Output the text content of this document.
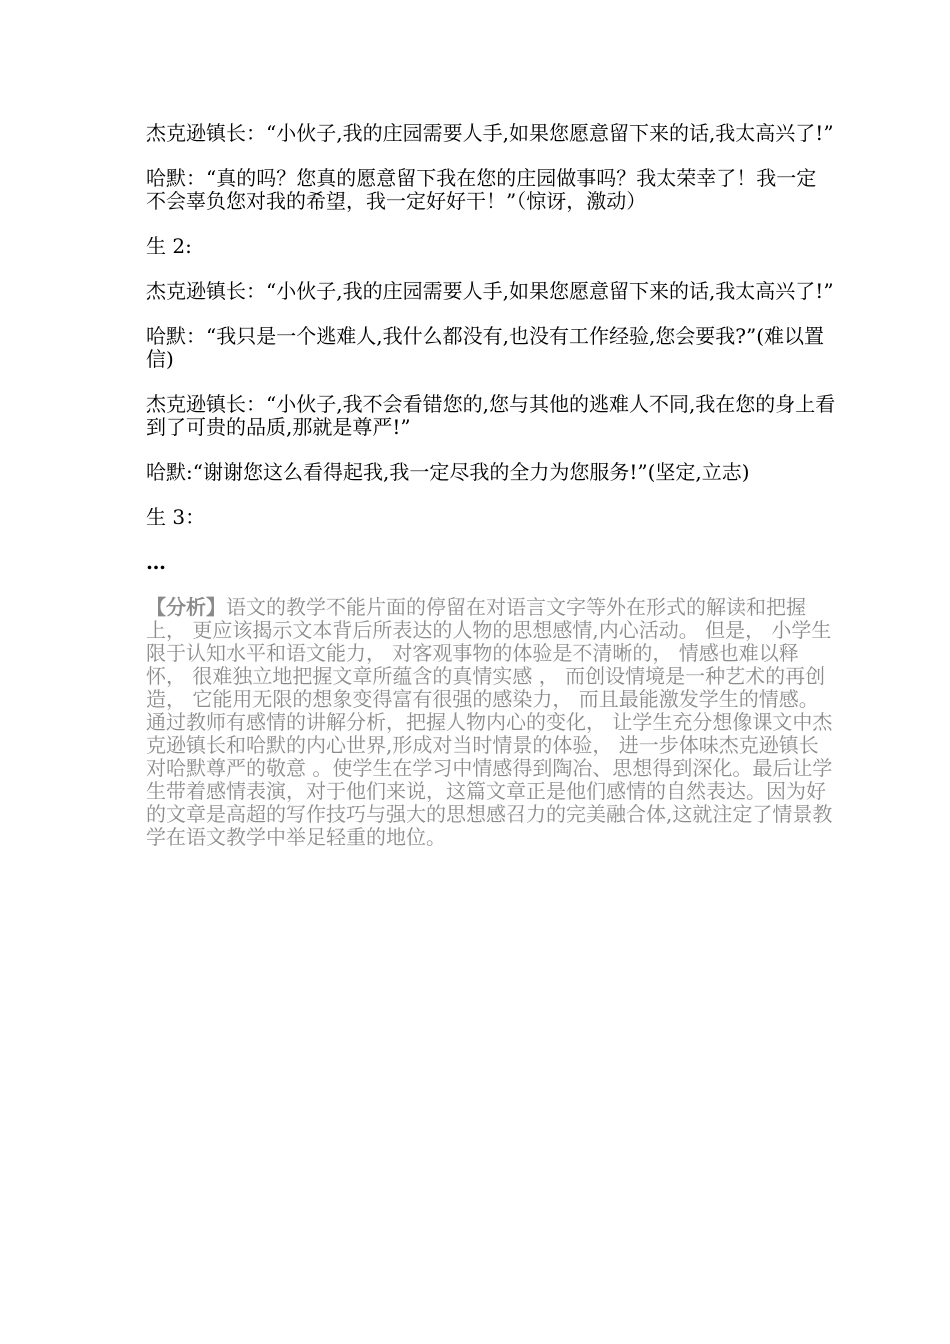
杰克逊镇长：“小伙子,我的庄园需要人手,如果您愿意留下来的话,我太高兴了!”

哈默：“真的吗？您真的愿意留下我在您的庄园做事吗？我太荣幸了！我一定不会辜负您对我的希望，我一定好好干！”（惊讶，激动）

生 2:

杰克逊镇长：“小伙子,我的庄园需要人手,如果您愿意留下来的话,我太高兴了!”

哈默：“我只是一个逃难人,我什么都没有,也没有工作经验,您会要我?”(难以置信)

杰克逊镇长：“小伙子,我不会看错您的,您与其他的逃难人不同,我在您的身上看到了可贵的品质,那就是尊严!”

哈默:“谢谢您这么看得起我,我一定尽我的全力为您服务!”(坚定,立志)

生 3：

…

【分析】语文的教学不能片面的停留在对语言文字等外在形式的解读和把握上， 更应该揭示文本背后所表达的人物的思想感情,内心活动。 但是， 小学生限于认知水平和语文能力， 对客观事物的体验是不清晰的， 情感也难以释怀， 很难独立地把握文章所蕴含的真情实感 ， 而创设情境是一种艺术的再创造， 它能用无限的想象变得富有很强的感染力， 而且最能激发学生的情感。通过教师有感情的讲解分析，把握人物内心的变化， 让学生充分想像课文中杰克逊镇长和哈默的内心世界,形成对当时情景的体验， 进一步体味杰克逊镇长对哈默尊严的敬意 。使学生在学习中情感得到陶冶、思想得到深化。最后让学生带着感情表演，对于他们来说，这篇文章正是他们感情的自然表达。因为好的文章是高超的写作技巧与强大的思想感召力的完美融合体,这就注定了情景教学在语文教学中举足轻重的地位。
